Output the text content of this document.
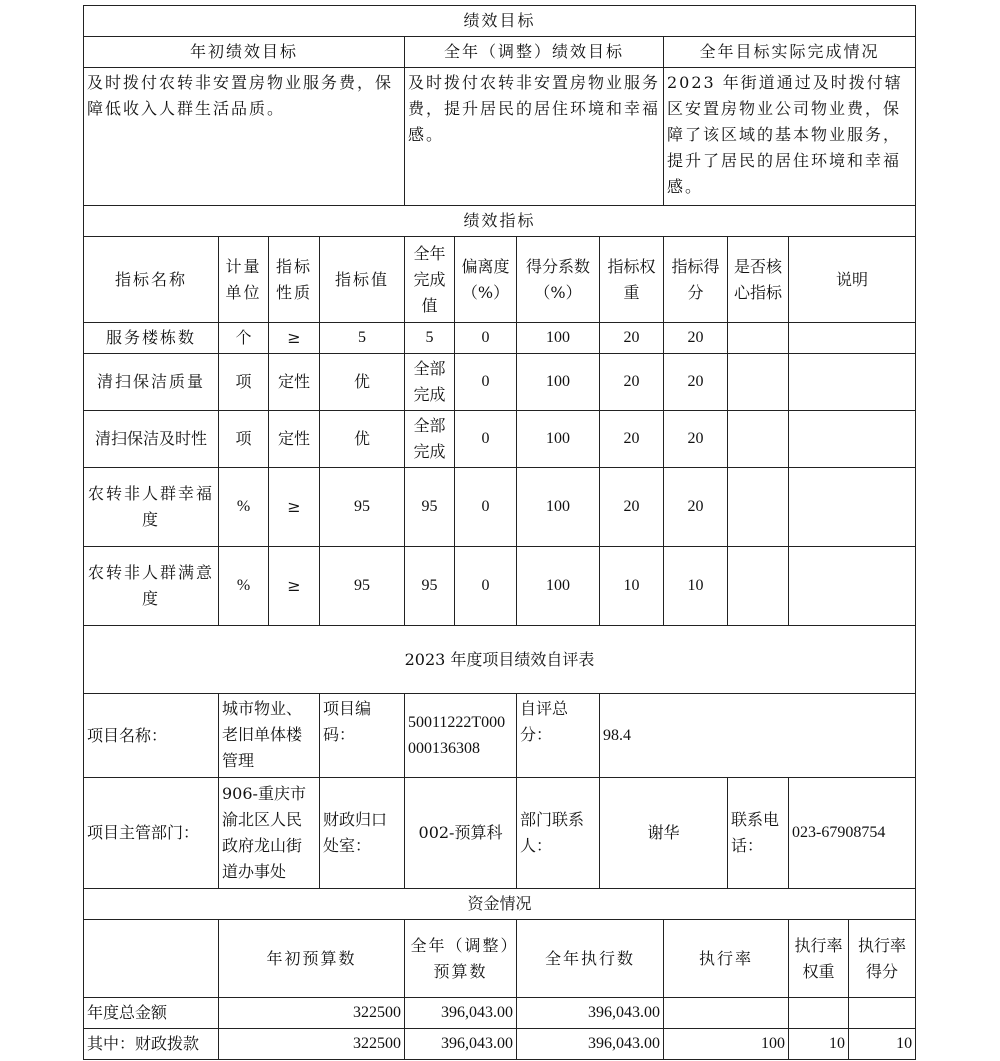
绩效目标											
年初绩效目标				全年（调整）绩效目标				全年目标实际完成情况			
及时拨付农转非安置房物业服务费，保障低收入人群生活品质。				及时拨付农转非安置房物业服务费，提升居民的居住环境和幸福感。				2023 年街道通过及时拨付辖区安置房物业公司物业费，保障了该区域的基本物业服务，提升了居民的居住环境和幸福感。			
绩效指标											
指标名称	计量单位	指标性质	指标值	全年完成值	偏离度（%）	得分系数（%）	指标权重	指标得分	是否核心指标	说明	
服务楼栋数	个	≥	5	5	0	100	20	20			
清扫保洁质量	项	定性	优	全部完成	0	100	20	20			
清扫保洁及时性	项	定性	优	全部完成	0	100	20	20			
农转非人群幸福度	%	≥	95	95	0	100	20	20			
农转非人群满意度	%	≥	95	95	0	100	10	10			
2023 年度项目绩效自评表											
项目名称：	城市物业、老旧单体楼管理		项目编码：	50011222T000000136308		自评总分：	98.4				
项目主管部门：	906-重庆市渝北区人民政府龙山街道办事处		财政归口处室：	002-预算科		部门联系人：	谢华		联系电话：	023-67908754	
资金情况											
	年初预算数			全年（调整）预算数		全年执行数		执行率		执行率权重	执行率得分
年度总金额	322500			396,043.00		396,043.00					
其中：财政拨款	322500			396,043.00		396,043.00		100		10	10
